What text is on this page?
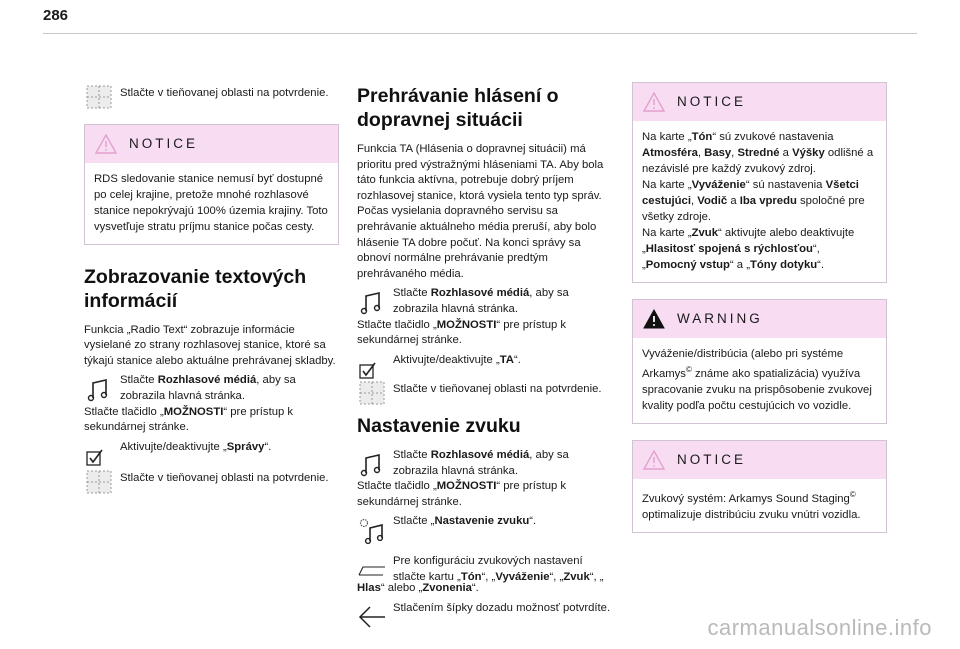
286
Stlačte v tieňovanej oblasti na potvrdenie.
NOTICE
RDS sledovanie stanice nemusí byť dostupné po celej krajine, pretože mnohé rozhlasové stanice nepokrývajú 100% územia krajiny. Toto vysvetľuje stratu príjmu stanice počas cesty.
Zobrazovanie textových informácií
Funkcia „Radio Text“ zobrazuje informácie vysielané zo strany rozhlasovej stanice, ktoré sa týkajú stanice alebo aktuálne prehrávanej skladby.
Stlačte Rozhlasové médiá, aby sa zobrazila hlavná stránka.
Stlačte tlačidlo „MOŽNOSTI“ pre prístup k sekundárnej stránke.
Aktivujte/deaktivujte „Správy“.
Stlačte v tieňovanej oblasti na potvrdenie.
Prehrávanie hlásení o dopravnej situácii
Funkcia TA (Hlásenia o dopravnej situácii) má prioritu pred výstražnými hláseniami TA. Aby bola táto funkcia aktívna, potrebuje dobrý príjem rozhlasovej stanice, ktorá vysiela tento typ správ. Počas vysielania dopravného servisu sa prehrávanie aktuálneho média preruší, aby bolo hlásenie TA dobre počuť. Na konci správy sa obnoví normálne prehrávanie predtým prehrávaného média.
Stlačte Rozhlasové médiá, aby sa zobrazila hlavná stránka.
Stlačte tlačidlo „MOŽNOSTI“ pre prístup k sekundárnej stránke.
Aktivujte/deaktivujte „TA“.
Stlačte v tieňovanej oblasti na potvrdenie.
Nastavenie zvuku
Stlačte Rozhlasové médiá, aby sa zobrazila hlavná stránka.
Stlačte tlačidlo „MOŽNOSTI“ pre prístup k sekundárnej stránke.
Stlačte „Nastavenie zvuku“.
Pre konfiguráciu zvukových nastavení stlačte kartu „Tón“, „Vyváženie“, „Zvuk“, „
Hlas“ alebo „Zvonenia“.
Stlačením šípky dozadu možnosť potvrdíte.
NOTICE
Na karte „Tón“ sú zvukové nastavenia Atmosféra, Basy, Stredné a Výšky odlišné a nezávislé pre každý zvukový zdroj.
Na karte „Vyváženie“ sú nastavenia Všetci cestujúci, Vodič a Iba vpredu spoločné pre všetky zdroje.
Na karte „Zvuk“ aktivujte alebo deaktivujte „Hlasitosť spojená s rýchlosťou“, „Pomocný vstup“ a „Tóny dotyku“.
WARNING
Vyváženie/distribúcia (alebo pri systéme Arkamys© známe ako spatializácia) využíva spracovanie zvuku na prispôsobenie zvukovej kvality podľa počtu cestujúcich vo vozidle.
NOTICE
Zvukový systém: Arkamys Sound Staging© optimalizuje distribúciu zvuku vnútri vozidla.
carmanualsonline.info
